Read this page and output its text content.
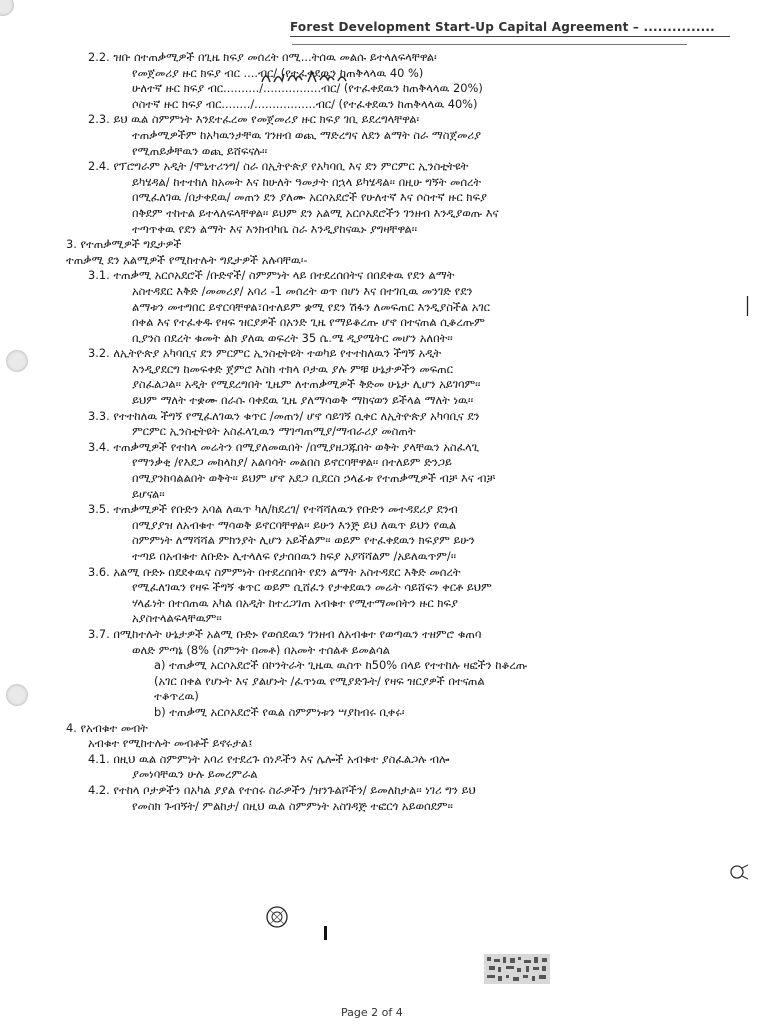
Forest Development Start-Up Capital Agreement – ...............
2.2. ዝቡ ሰተጠቃሚዎች በጊዜ ክፍያ መሰረት በሚ...ትሰዉ መልሱ ይተላለፍላቸዋል፡
የመጀመሪያ ዙር ክፍያ ብር ....ብር/ (የተፈቀደዉን ከጠቅላላዉ 40 %)
ሁለተኛ ዙር ክፍያ ብር........../................ብር/ (የተፈቀደዉን ከጠቅላላዉ 20%)
ሶስተኛ ዙር ክፍያ ብር......../.................ብር/ (የተፈቀደዉን ከጠቅላላዉ 40%)
2.3. ይህ ዉል ስምምነት እንደተፈረመ የመጀመሪያ ዙር ክፍያ ገቢ ይደረግላቸዋል፡
ተጠቃሚዎችም ከአካዉንታቸዉ ገንዘብ ወጪ ማድረግና ለደን ልማት ስራ ማስጀመሪያ
የሚጠይቃቸዉን ወጪ ይሸፍናሉ፡፡
2.4. የፕሮግራም አዲት /ሞኒተሪንግ/ ስራ በኢትዮጵያ የአካባቢ እና ደን ምርምር ኢንስቲትዩት
ይካሄዳል/ ከተተከለ ከአመት እና ከሁለት ዓመታት በኋላ ይካሄዳል፡፡ በዚሁ ግኝት መሰረት
በሚፈለገዉ /በታቀደዉ/ መጠን ደን ያለሙ አርሶአደሮች የሁለተኛ እና ሶስተኛ ዙር ክፍያ
በቅደም ተከተል ይተላለፍላቸዋል፡፡ ይህም ደን አልሚ አርሶአደሮችን ገንዘብ እንዲያወጡ እና
ተጣጥቀዉ የደን ልማት እና እንክብካቤ ስራ እንዲያከናዉኑ ያግዛቸዋል፡፡
3. የተጠቃሚዎች ግዴታዎች
ተጠቃሚ ደን አልሚዎች የሚከተሉት ግዴታዎች አሉባቸዉ፡-
3.1. ተጠቃሚ አርሶአደሮች /ቡድኖች/ ስምምነት ላይ በተደረሰበትና በበደቀዉ የደን ልማት
አስተዳደር እቅድ /መመሪያ/ አባሪ -1 መሰረት ወጥ በሆነ እና በተገቢዉ መንገድ የደን
ልማቱን መተግበር ይኖርባቸዋል፣በተለይም ቋሚ የደን ሽፋን ለመፍጠር እንዲያስችል አገር
በቀል እና የተፈቀዱ የዛፍ ዝርያዎች በአንድ ጊዜ የማይቆረጡ ሆኖ በተናጠል ሲቆረጡም
ቢያንስ በደረት ቁመት ልክ ያለዉ ወፍረት 35 ሴ.ሜ ዲያሜትር መሆን አለበት፡፡
3.2. ለኢትዮጵያ አካባቢና ደን ምርምር ኢንስቲትዩት ተወካይ የተተከለዉን ችግኝ አዲት
እንዲያደርግ ከመፍቀድ ጀምሮ እስከ ተክላ ቦታዉ ያሉ ምቹ ሁኔታዎችን መፍጠር
ያስፈልጋል፡፡ አዲት የሚደረግበት ጊዜም ለተጠቃሚዎች ቅድመ ሁኔታ ሊሆን አይገባም፡፡
ይህም ማለት ተቋሙ በራሱ ባቀደዉ ጊዜ ያለማሳወቅ ማከናወን ይችላል ማለት ነዉ፡፡
3.3. የተተከለዉ ችግኝ የሚፈለገዉን ቁጥር /መጠን/ ሆኖ ሳይገኝ ሲቀር ለኢትዮጵያ አካባቢና ደን
ምርምር ኢንስቲትዩት አስፈላጊዉን ማገጣጠሚያ/ማብራሪያ መስጠት
3.4. ተጠቃሚዎች የተከላ መሬትን በሚያለመዉበት /በሚያዘጋጁበት ወቅት ያላቸዉን አስፈላጊ
የማንቃቂ /የእደጋ መከላከያ/ አልባሳት መልበስ ይኖርባቸዋል፡፡ በተለይም ድንጋይ
በሚያንከባልልበት ወቅት፡፡ ይህም ሆኖ አደጋ ቢደርስ ኃላፊቱ የተጠቃሚዎች ብቻ እና ብቻ
ይሆናል፡፡
3.5. ተጠቃሚዎች የቡድን አባል ለዉጥ ካለ/ከደረገ/ የተሻሻለዉን የቡድን መተዳደሪያ ደንብ
በሚያያዝ ለአብቁተ ማሳወቅ ይኖርባቸዋል፡፡ ይሁን እንጅ ይህ ለዉጥ ይህን የዉል
ስምምነት ለማሻሻል ምክንያት ሊሆን አይችልም፡፡ ወይም የተፈቀደዉን ክፍያም ይሁን
ተጣይ በአብቁተ ለቡድኑ ሊተላለፍ የታሰበዉን ክፍያ አያሻሻልም /አይለዉጥም/፡፡
3.6. አልሚ ቡድኑ በደደቀዉና ስምምነት በተደረሰበት የደን ልማት አስተዳደር እቅድ መሰረት
የሚፈለገዉን የዛፍ ችግኝ ቁጥር ወይም ሲሸፈን የታቀደዉን መሬት ሳይሸፍን ቀርቶ ይህም
ሃላፊነት በተሰጠዉ አካል በአዲት ከተረጋገጠ አብቁተ የሚተማመበትን ዙር ክፍያ
አያስተላልፍላቸዉም፡፡
3.7. በሚከተሉት ሁኔታዎች አልሚ ቡድኑ የወሰደዉን ገንዘብ ለአብቁተ የወጣዉን ተዘምሮ ቁጠባ
ወለድ ምጣኔ (8% (ስምንት በመቶ) በአመት ተሰልቶ ይመልሳል
a) ተጠቃሚ አርሶአደሮች በኮንትራት ጊዜዉ ዉስጥ ከ50% በላይ የተተከሉ ዛፎችን ከቆረጡ
(አገር በቀል የሆኑት እና ያልሆኑት /ፈጥነዉ የሚያድጉት/ የዛፍ ዝርያዎች በተናጠል
ተቆጥረዉ)
b) ተጠቃሚ አርሶአደሮች የዉል ስምምነቱን ሣያከብሩ ቢቀሩ፡
4. የአብቁተ መብት
አብቁተ የሚከተሉት መብቶች ይኖሩታል፤
4.1. በዚህ ዉል ስምምነት አባሪ የተደረጉ ሰነዶችን እና ሌሎች አብቁተ ያስፈልጋሉ ብሎ
ያመነባቸዉን ሁሉ ይመረምራል
4.2. የተከላ ቦታዎችን በአካል ያያል የተሰሩ ስራዎችን /ዝንጉልሾችን/ ይመለከታል፡፡ ነገሪ ግን ይህ
የመስክ ጉብኝት/ ምልከታ/ በዚህ ዉል ስምምነት አስገዳጅ ተፎርጎ አይወሰደም፡፡
Page 2 of 4
